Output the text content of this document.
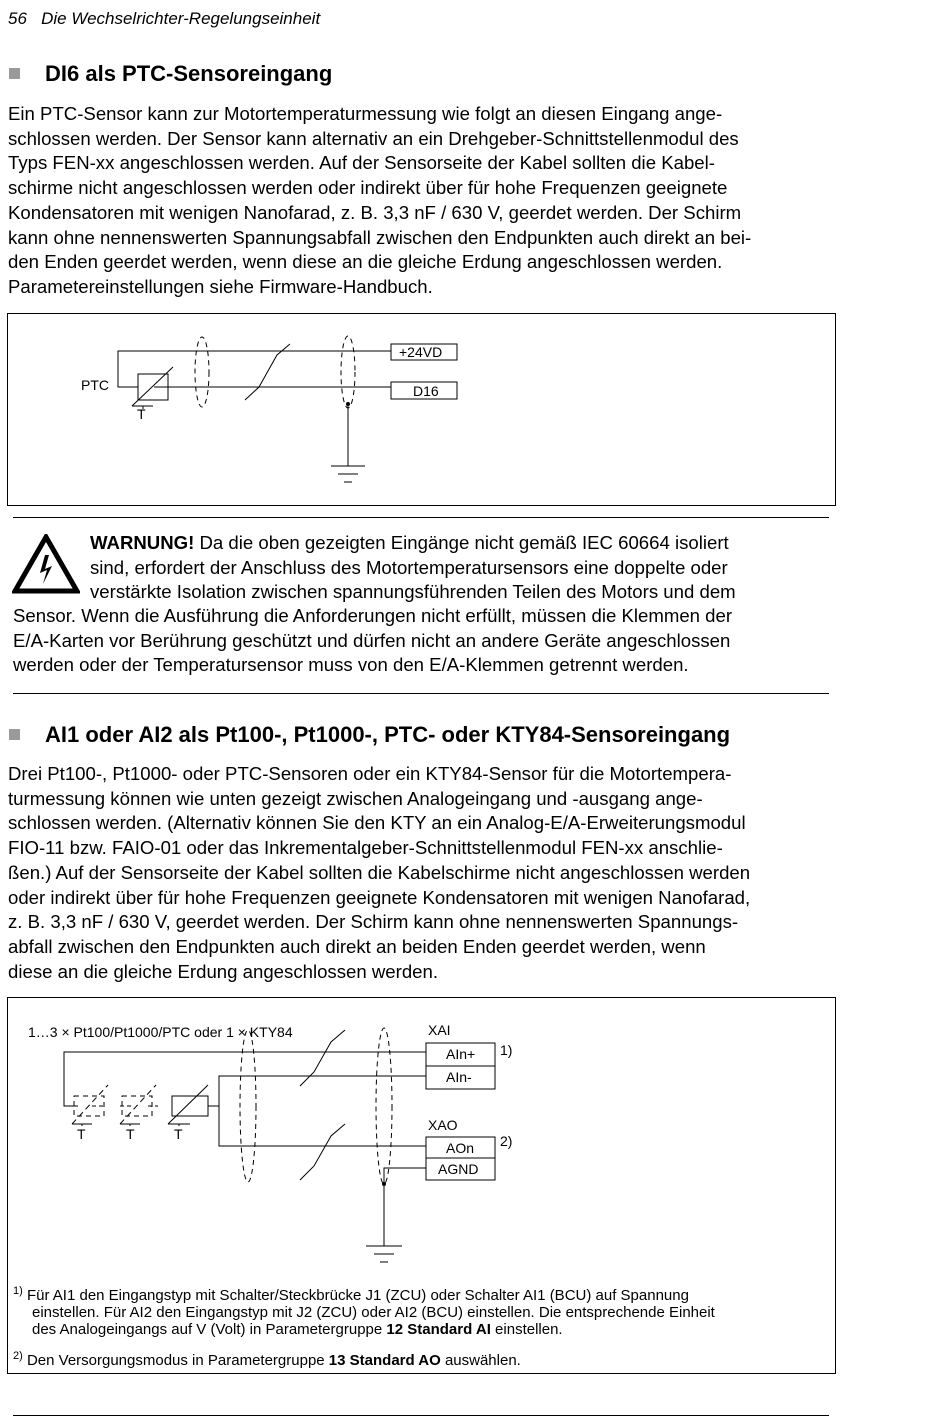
56 Die Wechselrichter-Regelungseinheit
DI6 als PTC-Sensoreingang
Ein PTC-Sensor kann zur Motortemperaturmessung wie folgt an diesen Eingang ange-
schlossen werden. Der Sensor kann alternativ an ein Drehgeber-Schnittstellenmodul des
Typs FEN-xx angeschlossen werden. Auf der Sensorseite der Kabel sollten die Kabel-
schirme nicht angeschlossen werden oder indirekt über für hohe Frequenzen geeignete
Kondensatoren mit wenigen Nanofarad, z. B. 3,3 nF / 630 V, geerdet werden. Der Schirm
kann ohne nennenswerten Spannungsabfall zwischen den Endpunkten auch direkt an bei-
den Enden geerdet werden, wenn diese an die gleiche Erdung angeschlossen werden.
Parametereinstellungen siehe Firmware-Handbuch.
PTC
T
+24VD
D16
WARNUNG! Da die oben gezeigten Eingänge nicht gemäß IEC 60664 isoliert
sind, erfordert der Anschluss des Motortemperatursensors eine doppelte oder
verstärkte Isolation zwischen spannungsführenden Teilen des Motors und dem
Sensor. Wenn die Ausführung die Anforderungen nicht erfüllt, müssen die Klemmen der
E/A-Karten vor Berührung geschützt und dürfen nicht an andere Geräte angeschlossen
werden oder der Temperatursensor muss von den E/A-Klemmen getrennt werden.
AI1 oder AI2 als Pt100-, Pt1000-, PTC- oder KTY84-Sensoreingang
Drei Pt100-, Pt1000- oder PTC-Sensoren oder ein KTY84-Sensor für die Motortempera-
turmessung können wie unten gezeigt zwischen Analogeingang und -ausgang ange-
schlossen werden. (Alternativ können Sie den KTY an ein Analog-E/A-Erweiterungsmodul
FIO-11 bzw. FAIO-01 oder das Inkrementalgeber-Schnittstellenmodul FEN-xx anschlie-
ßen.) Auf der Sensorseite der Kabel sollten die Kabelschirme nicht angeschlossen werden
oder indirekt über für hohe Frequenzen geeignete Kondensatoren mit wenigen Nanofarad,
z. B. 3,3 nF / 630 V, geerdet werden. Der Schirm kann ohne nennenswerten Spannungs-
abfall zwischen den Endpunkten auch direkt an beiden Enden geerdet werden, wenn
diese an die gleiche Erdung angeschlossen werden.
1…3 × Pt100/Pt1000/PTC oder 1 × KTY84
T	T	T
XAI
AIn+
AIn-
1)
XAO
AOn
AGND
2)
$^{1)}$ Für AI1 den Eingangstyp mit Schalter/Steckbrücke J1 (ZCU) oder Schalter AI1 (BCU) auf Spannung
einstellen. Für AI2 den Eingangstyp mit J2 (ZCU) oder AI2 (BCU) einstellen. Die entsprechende Einheit
des Analogeingangs auf V (Volt) in Parametergruppe 12 Standard AI einstellen.
$^{2)}$ Den Versorgungsmodus in Parametergruppe 13 Standard AO auswählen.
